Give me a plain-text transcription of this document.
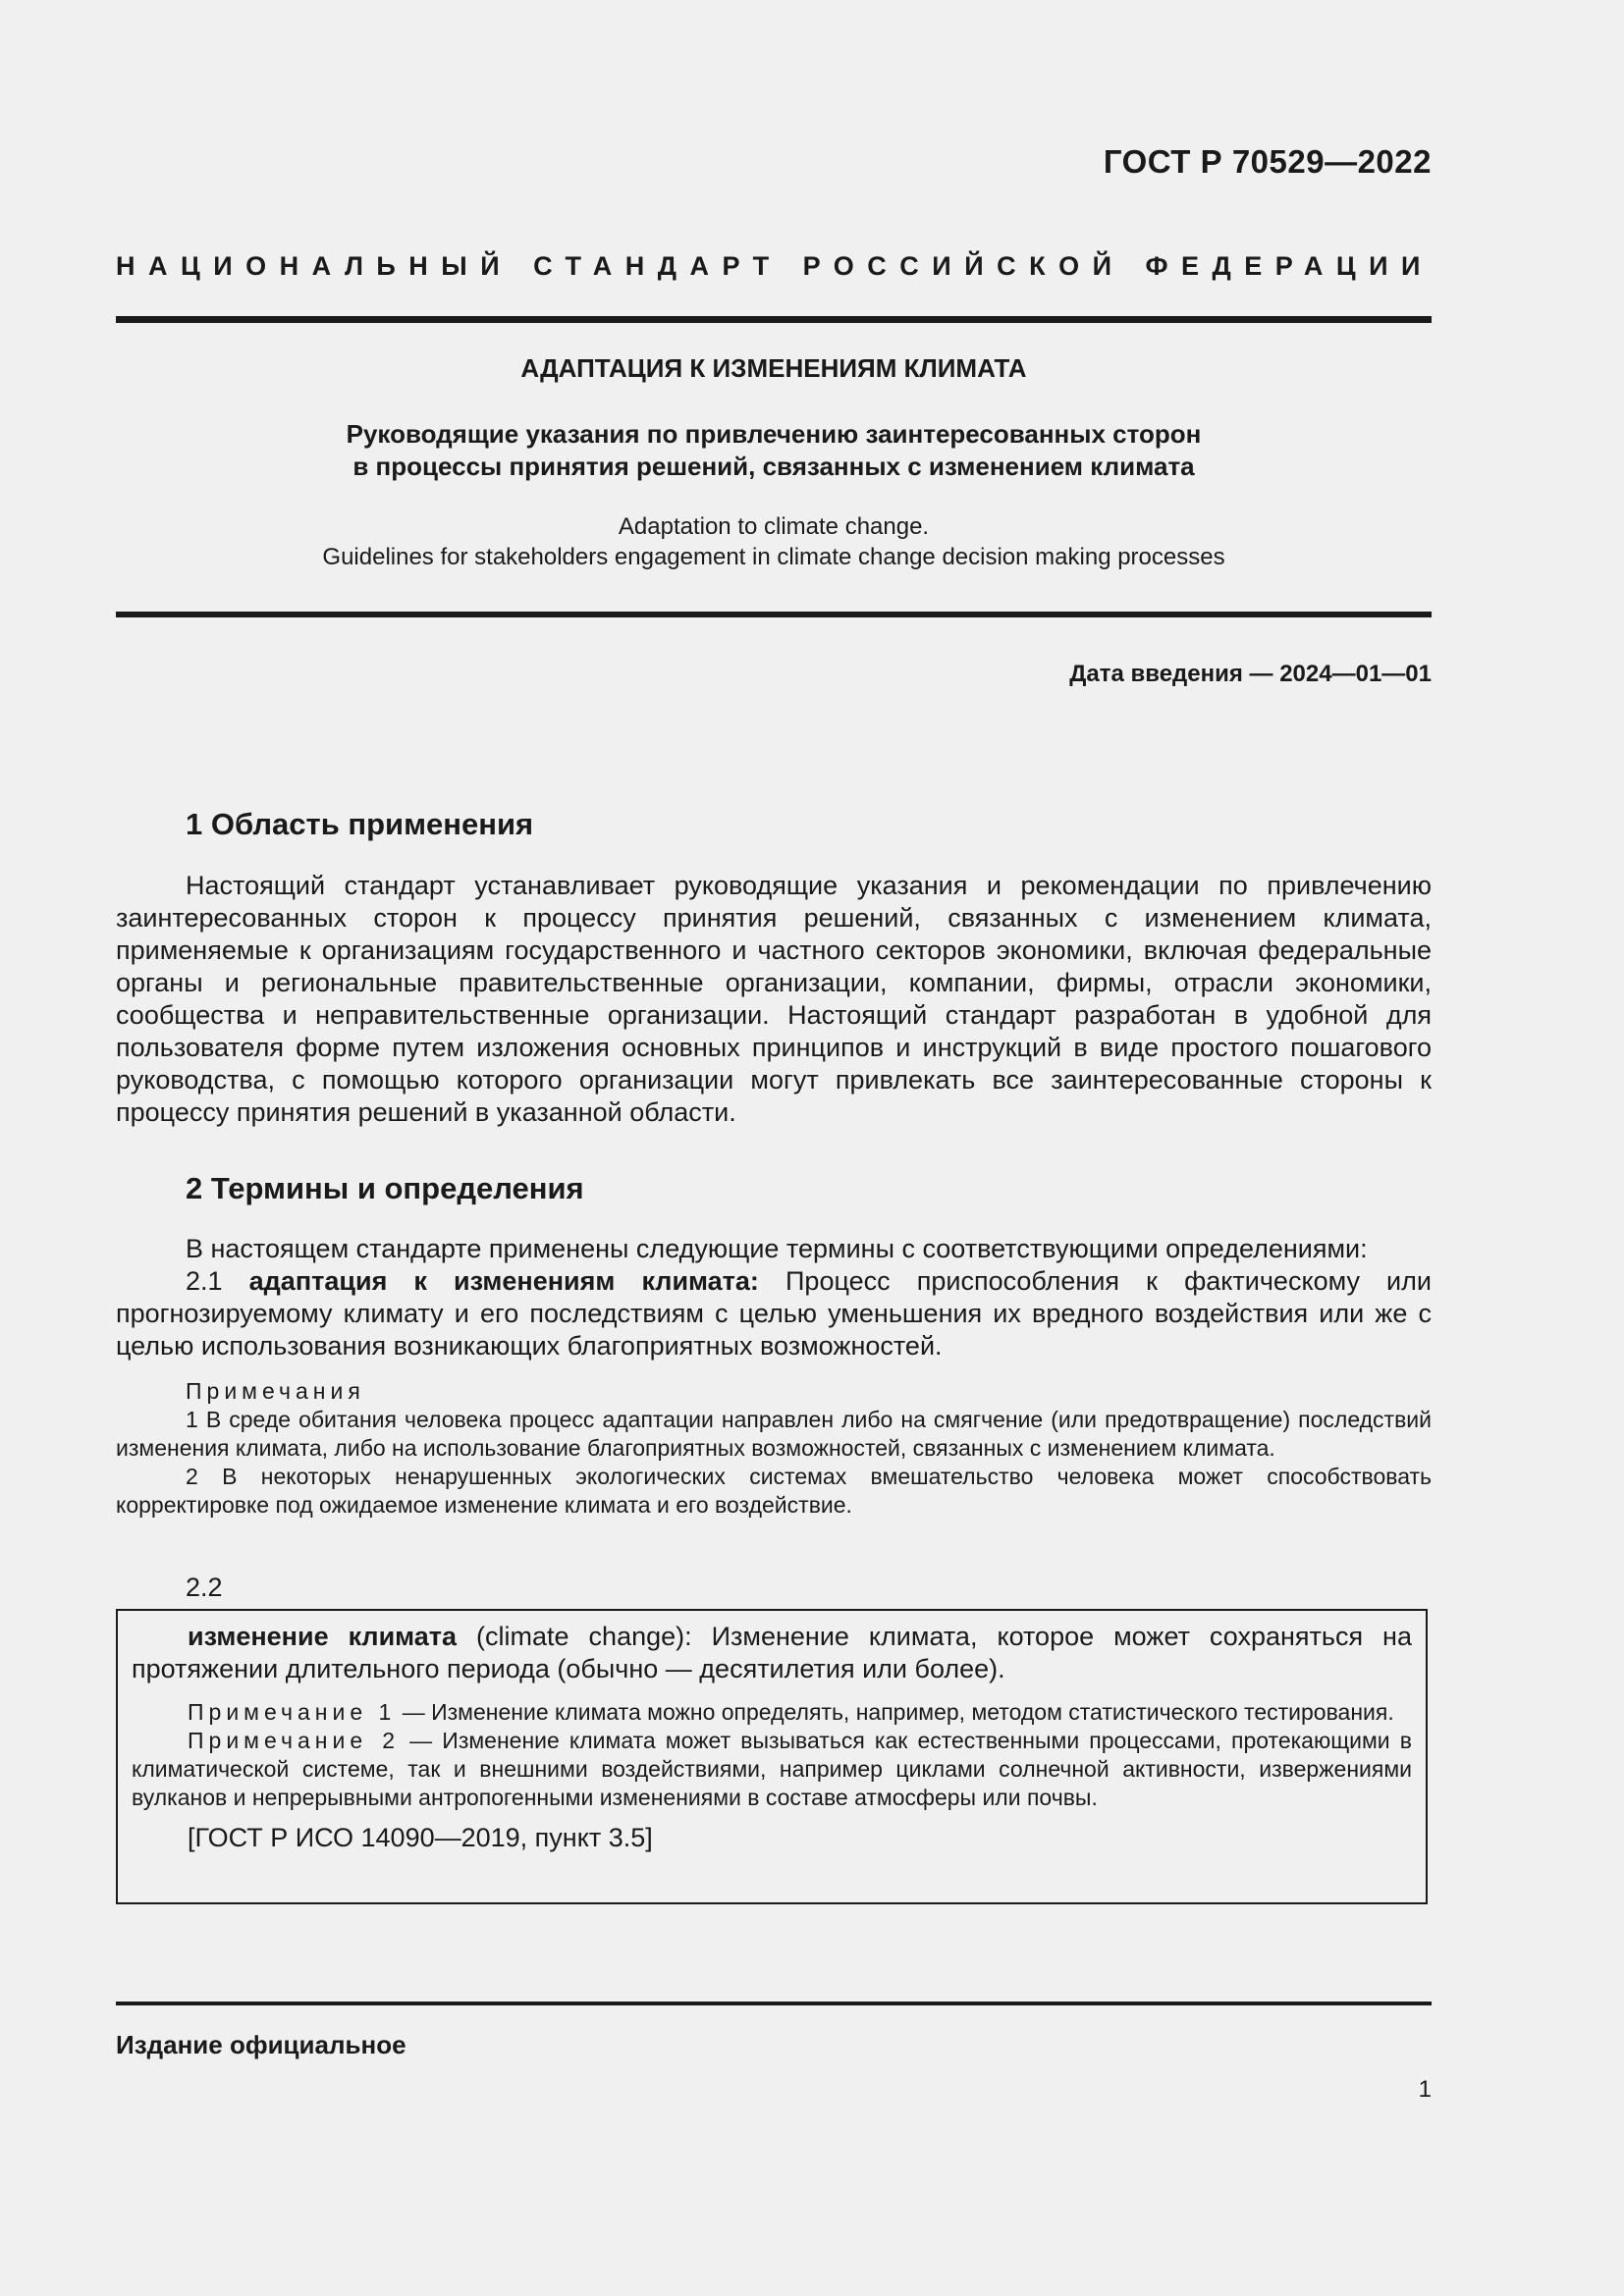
ГОСТ Р 70529—2022
НАЦИОНАЛЬНЫЙ СТАНДАРТ РОССИЙСКОЙ ФЕДЕРАЦИИ
АДАПТАЦИЯ К ИЗМЕНЕНИЯМ КЛИМАТА
Руководящие указания по привлечению заинтересованных сторон
в процессы принятия решений, связанных с изменением климата
Adaptation to climate change.
Guidelines for stakeholders engagement in climate change decision making processes
Дата введения — 2024—01—01
1 Область применения

Настоящий стандарт устанавливает руководящие указания и рекомендации по привлечению заинтересованных сторон к процессу принятия решений, связанных с изменением климата, применяемые к организациям государственного и частного секторов экономики, включая федеральные органы и региональные правительственные организации, компании, фирмы, отрасли экономики, сообщества и неправительственные организации. Настоящий стандарт разработан в удобной для пользователя форме путем изложения основных принципов и инструкций в виде простого пошагового руководства, с помощью которого организации могут привлекать все заинтересованные стороны к процессу принятия решений в указанной области.

2 Термины и определения

В настоящем стандарте применены следующие термины с соответствующими определениями:

2.1 адаптация к изменениям климата: Процесс приспособления к фактическому или прогнозируемому климату и его последствиям с целью уменьшения их вредного воздействия или же с целью использования возникающих благоприятных возможностей.

Примечания

1 В среде обитания человека процесс адаптации направлен либо на смягчение (или предотвращение) последствий изменения климата, либо на использование благоприятных возможностей, связанных с изменением климата.

2 В некоторых ненарушенных экологических системах вмешательство человека может способствовать корректировке под ожидаемое изменение климата и его воздействие.

2.2

изменение климата (climate change): Изменение климата, которое может сохраняться на протяжении длительного периода (обычно — десятилетия или более).

Примечание 1 — Изменение климата можно определять, например, методом статистического тестирования.

Примечание 2 — Изменение климата может вызываться как естественными процессами, протекающими в климатической системе, так и внешними воздействиями, например циклами солнечной активности, извержениями вулканов и непрерывными антропогенными изменениями в составе атмосферы или почвы.

[ГОСТ Р ИСО 14090—2019, пункт 3.5]

Издание официальное
1
